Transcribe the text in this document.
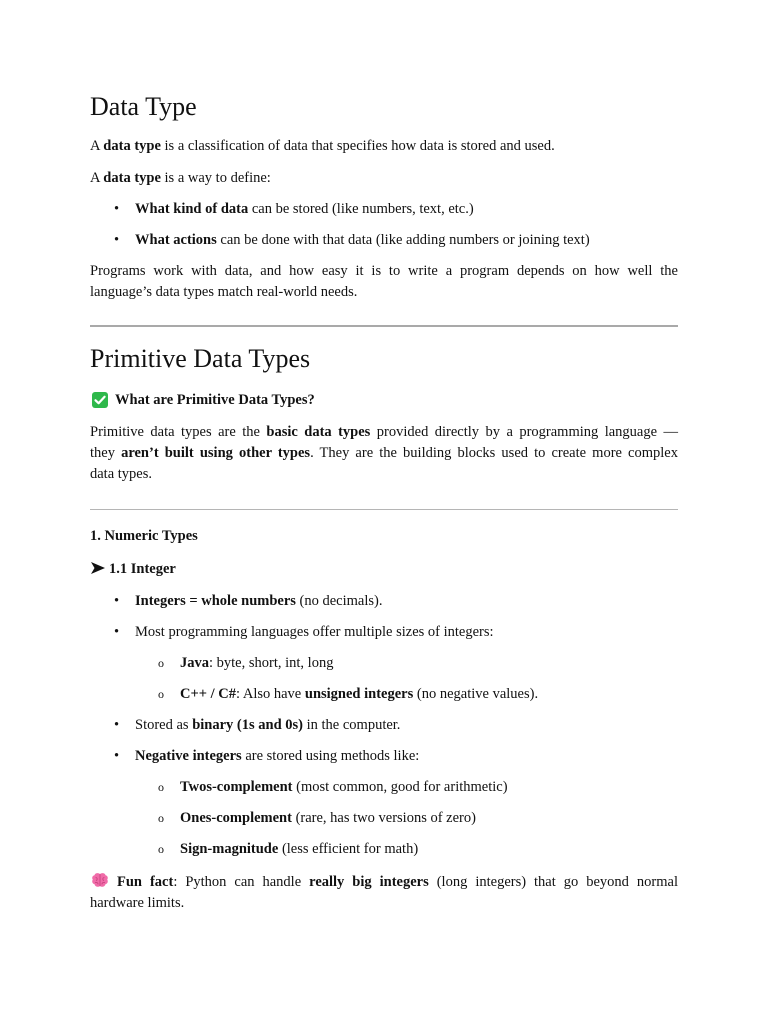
Data Type

A data type is a classification of data that specifies how data is stored and used.

A data type is a way to define:

• What kind of data can be stored (like numbers, text, etc.)

• What actions can be done with that data (like adding numbers or joining text)

Programs work with data, and how easy it is to write a program depends on how well the

language’s data types match real-world needs.

Primitive Data Types

What are Primitive Data Types?

Primitive data types are the basic data types provided directly by a programming language —

they aren’t built using other types. They are the building blocks used to create more complex

data types.

1. Numeric Types

1.1 Integer

• Integers = whole numbers (no decimals).

• Most programming languages offer multiple sizes of integers:

o Java: byte, short, int, long

o C++ / C#: Also have unsigned integers (no negative values).

• Stored as binary (1s and 0s) in the computer.

• Negative integers are stored using methods like:

o Twos-complement (most common, good for arithmetic)

o Ones-complement (rare, has two versions of zero)

o Sign-magnitude (less efficient for math)

Fun fact: Python can handle really big integers (long integers) that go beyond normal

hardware limits.
